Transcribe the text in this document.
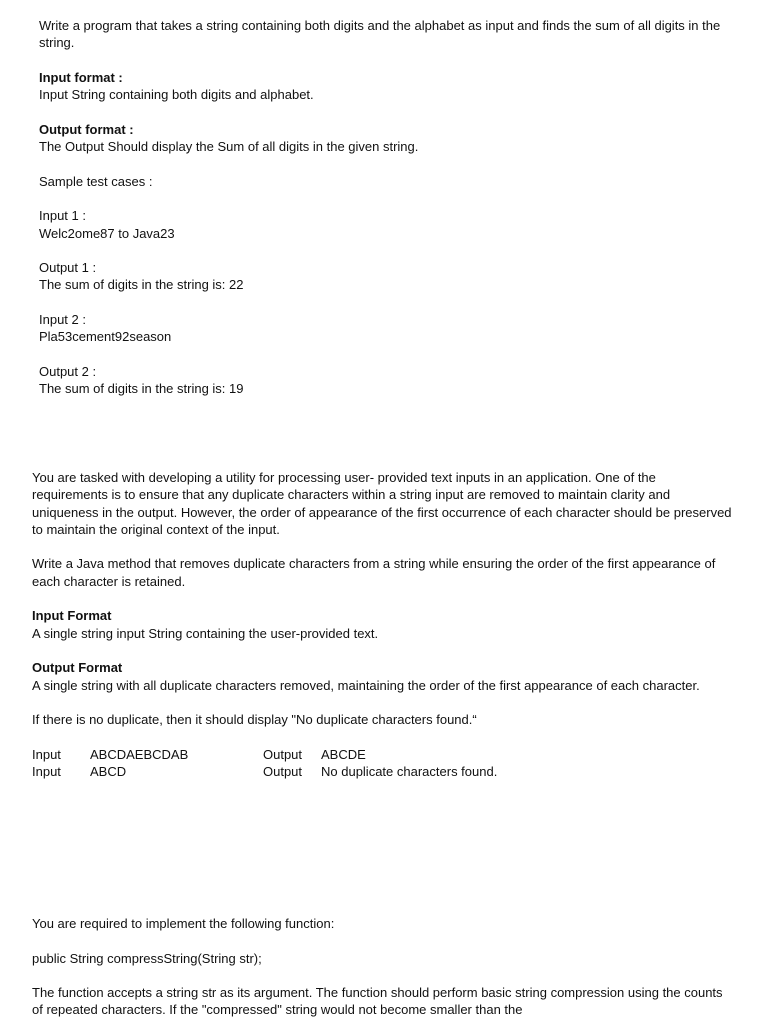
Write a program that takes a string containing both digits and the alphabet as input and finds the sum of all digits in the string.

Input format :

Input String containing both digits and alphabet.

Output format :

The Output Should display the Sum of all digits in the given string.

Sample test cases :

Input 1 :

Welc2ome87 to Java23

Output 1 :

The sum of digits in the string is: 22

Input 2 :

Pla53cement92season

Output 2 :

The sum of digits in the string is: 19

You are tasked with developing a utility for processing user- provided text inputs in an application. One of the requirements is to ensure that any duplicate characters within a string input are removed to maintain clarity and uniqueness in the output. However, the order of appearance of the first occurrence of each character should be preserved to maintain the original context of the input.

Write a Java method that removes duplicate characters from a string while ensuring the order of the first appearance of each character is retained.

Input Format

A single string input String containing the user-provided text.

Output Format

A single string with all duplicate characters removed, maintaining the order of the first appearance of each character.

If there is no duplicate, then it should display "No duplicate characters found.“

Input ABCDAEBCDAB	Output ABCDE
Input ABCD	Output No duplicate characters found.

You are required to implement the following function:

public String compressString(String str);

The function accepts a string str as its argument. The function should perform basic string compression using the counts of repeated characters. If the "compressed" string would not become smaller than the
